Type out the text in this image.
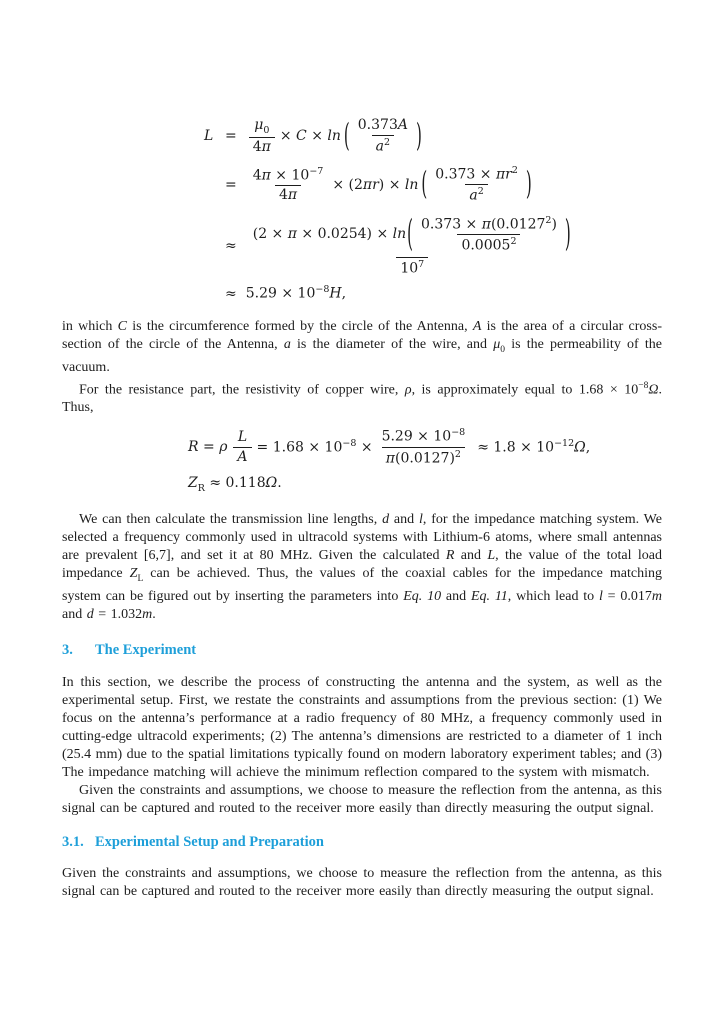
$L = \frac{\mu_0}{4\pi} \times C \times \ln$ ( $\frac{0.373A}{a^2}$ )
= $\frac{4\pi \times 10^{-7}}{4\pi} \times (2\pi r) \times \ln$ ( $\frac{0.373 \times \pi r^2}{a^2}$ )
≈
(2 × π × 0.0254) × ln ( $\frac{0.373 \times \pi(0.0127^2)}{0.0005^2}$ )
$10^7$
≈ $5.29 \times 10^{-8}H$,

in which C is the circumference formed by the circle of the Antenna, A is the area of a circular cross-section of the circle of the Antenna, a is the diameter of the wire, and $\mu_0$ is the permeability of the vacuum.

For the resistance part, the resistivity of copper wire, ρ, is approximately equal to $1.68 \times 10^{-8}\Omega$. Thus,

R = ρ $\frac{L}{A} = 1.68 \times 10^{-8} \times \frac{5.29 \times 10^{-8}}{\pi(0.0127)^2} \approx 1.8 \times 10^{-12}\Omega$,
$Z_R \approx 0.118\Omega$.

We can then calculate the transmission line lengths, d and l, for the impedance matching system. We selected a frequency commonly used in ultracold systems with Lithium-6 atoms, where small antennas are prevalent [6,7], and set it at 80 MHz. Given the calculated R and L, the value of the total load impedance $Z_L$ can be achieved. Thus, the values of the coaxial cables for the impedance matching system can be figured out by inserting the parameters into Eq. 10 and Eq. 11, which lead to l = 0.017m and d = 1.032m.

3.	The Experiment

In this section, we describe the process of constructing the antenna and the system, as well as the experimental setup. First, we restate the constraints and assumptions from the previous section: (1) We focus on the antenna’s performance at a radio frequency of 80 MHz, a frequency commonly used in cutting-edge ultracold experiments; (2) The antenna’s dimensions are restricted to a diameter of 1 inch (25.4 mm) due to the spatial limitations typically found on modern laboratory experiment tables; and (3) The impedance matching will achieve the minimum reflection compared to the system with mismatch.

Given the constraints and assumptions, we choose to measure the reflection from the antenna, as this signal can be captured and routed to the receiver more easily than directly measuring the output signal.

3.1. Experimental Setup and Preparation

Given the constraints and assumptions, we choose to measure the reflection from the antenna, as this signal can be captured and routed to the receiver more easily than directly measuring the output signal.
